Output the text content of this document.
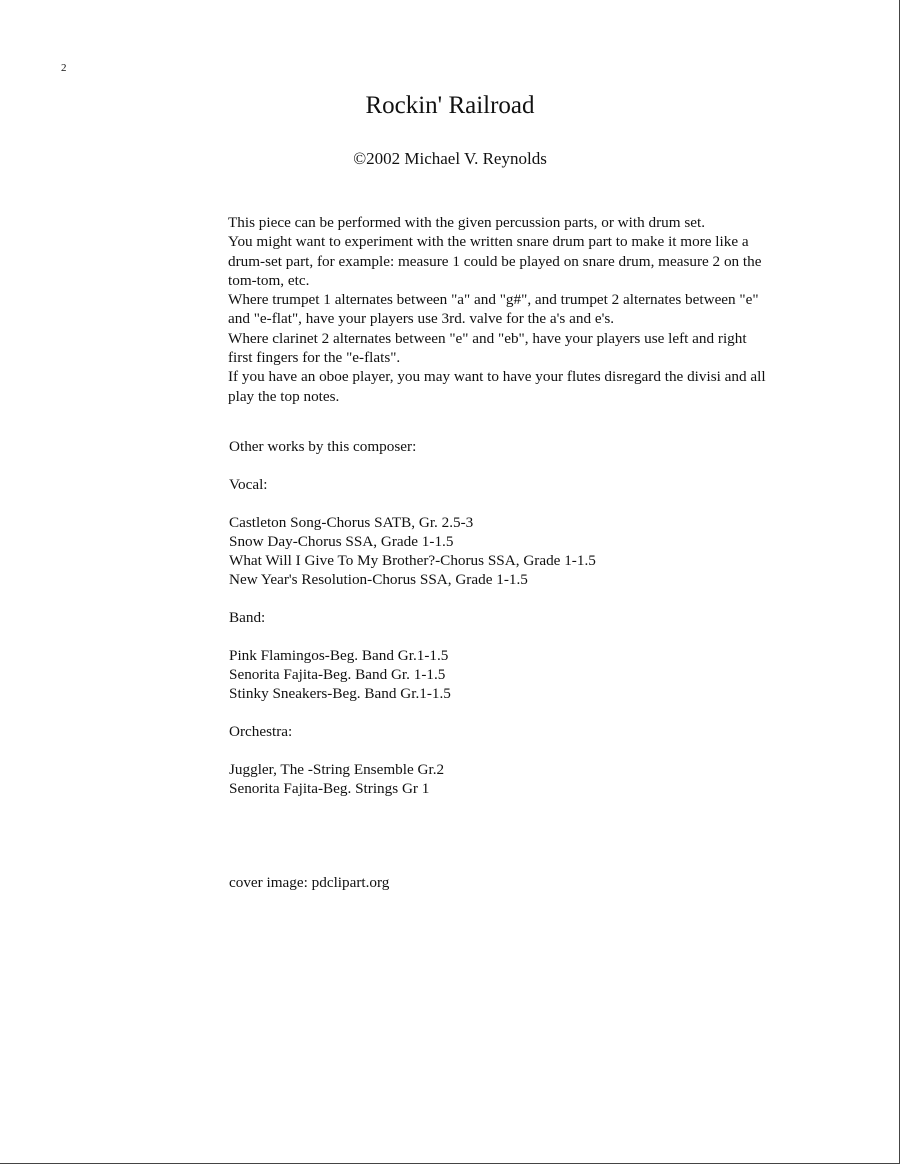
2
Rockin' Railroad
©2002 Michael V. Reynolds

This piece can be performed with the given percussion parts, or with drum set.

You might want to experiment with the written snare drum part to make it more like a drum-set part, for example: measure 1 could be played on snare drum, measure 2 on the tom-tom, etc.

Where trumpet 1 alternates between "a" and "g#", and trumpet 2 alternates between "e" and "e-flat", have your players use 3rd. valve for the a's and e's.

Where clarinet 2 alternates between "e" and "eb", have your players use left and right first fingers for the "e-flats".

If you have an oboe player, you may want to have your flutes disregard the divisi and all play the top notes.

Other works by this composer:

Vocal:

Castleton Song-Chorus SATB, Gr. 2.5-3
Snow Day-Chorus SSA, Grade 1-1.5
What Will I Give To My Brother?-Chorus SSA, Grade 1-1.5
New Year's Resolution-Chorus SSA, Grade 1-1.5

Band:

Pink Flamingos-Beg. Band Gr.1-1.5
Senorita Fajita-Beg. Band Gr. 1-1.5
Stinky Sneakers-Beg. Band Gr.1-1.5

Orchestra:

Juggler, The -String Ensemble Gr.2
Senorita Fajita-Beg. Strings Gr 1
cover image: pdclipart.org
